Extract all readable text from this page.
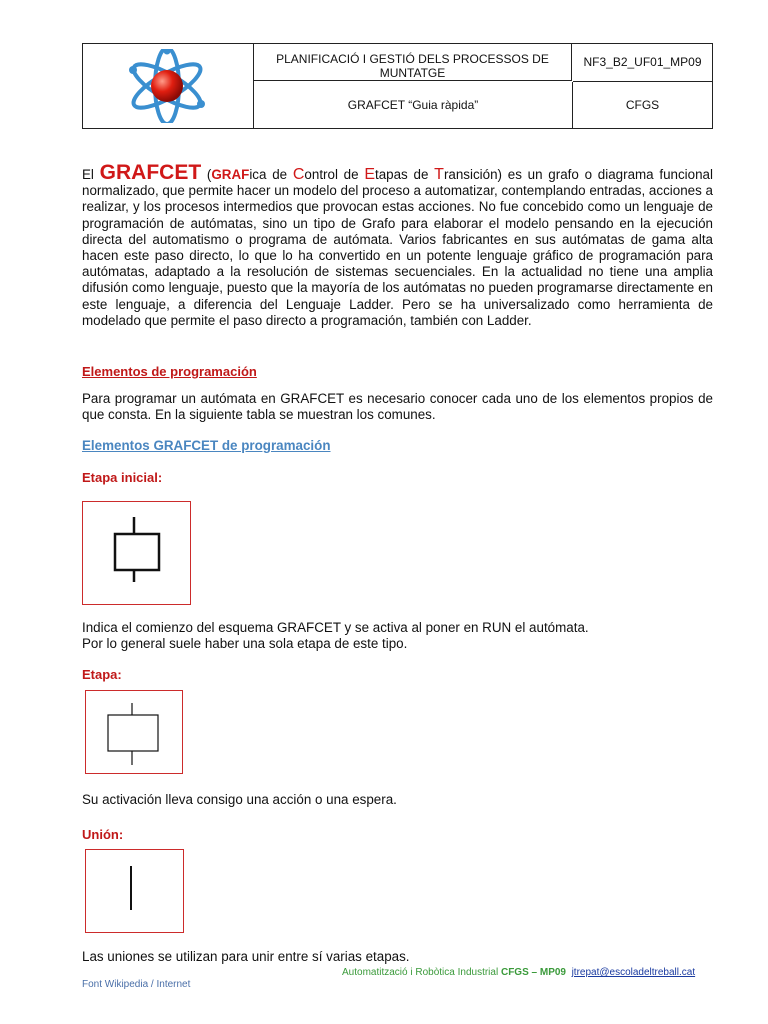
PLANIFICACIÓ I GESTIÓ DELS PROCESSOS DE MUNTATGE
NF3_B2_UF01_MP09
GRAFCET “Guia ràpida”	CFGS
El GRAFCET (GRAFica de Control de Etapas de Transición) es un grafo o diagrama funcional normalizado, que permite hacer un modelo del proceso a automatizar, contemplando entradas, acciones a realizar, y los procesos intermedios que provocan estas acciones. No fue concebido como un lenguaje de programación de autómatas, sino un tipo de Grafo para elaborar el modelo pensando en la ejecución directa del automatismo o programa de autómata. Varios fabricantes en sus autómatas de gama alta hacen este paso directo, lo que lo ha convertido en un potente lenguaje gráfico de programación para autómatas, adaptado a la resolución de sistemas secuenciales. En la actualidad no tiene una amplia difusión como lenguaje, puesto que la mayoría de los autómatas no pueden programarse directamente en este lenguaje, a diferencia del Lenguaje Ladder. Pero se ha universalizado como herramienta de modelado que permite el paso directo a programación, también con Ladder.
Elementos de programación
Para programar un autómata en GRAFCET es necesario conocer cada uno de los elementos propios de que consta. En la siguiente tabla se muestran los comunes.
Elementos GRAFCET de programación
Etapa inicial:
Indica el comienzo del esquema GRAFCET y se activa al poner en RUN el autómata.
Por lo general suele haber una sola etapa de este tipo.
Etapa:
Su activación lleva consigo una acción o una espera.
Unión:
Las uniones se utilizan para unir entre sí varias etapas.
Automatització i Robòtica Industrial CFGS – MP09 jtrepat@escoladeltreball.cat
Font Wikipedia / Internet
